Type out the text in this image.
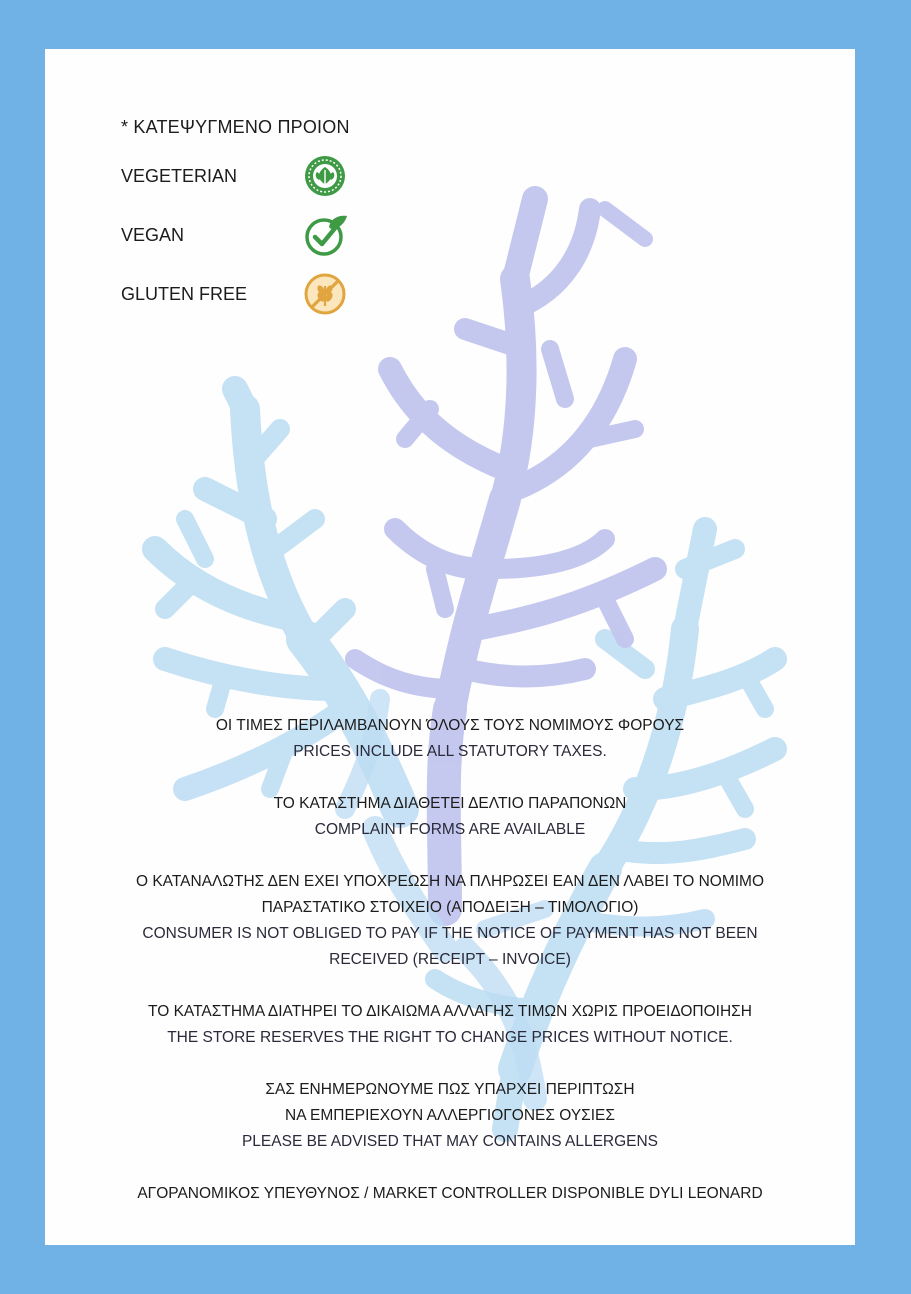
* ΚΑΤΕΨΥΓΜΕΝΟ ΠΡΟΙΟΝ
VEGETERIAN
VEGAN
GLUTEN FREE

ΟΙ ΤΙΜΕΣ ΠΕΡΙΛΑΜΒΑΝΟΥΝ ΌΛΟΥΣ ΤΟΥΣ ΝΟΜΙΜΟΥΣ ΦΟΡΟΥΣ

PRICES INCLUDE ALL STATUTORY TAXES.

ΤΟ ΚΑΤΑΣΤΗΜΑ ΔΙΑΘΕΤΕΙ ΔΕΛΤΙΟ ΠΑΡΑΠΟΝΩΝ

COMPLAINT FORMS ARE AVAILABLE

Ο ΚΑΤΑΝΑΛΩΤΗΣ ΔΕΝ ΕΧΕΙ ΥΠΟΧΡΕΩΣΗ ΝΑ ΠΛΗΡΩΣΕΙ ΕΑΝ ΔΕΝ ΛΑΒΕΙ ΤΟ ΝΟΜΙΜΟ

ΠΑΡΑΣΤΑΤΙΚΟ ΣΤΟΙΧΕΙΟ (ΑΠΟΔΕΙΞΗ – ΤΙΜΟΛΟΓΙΟ)

CONSUMER IS NOT OBLIGED TO PAY IF THE NOTICE OF PAYMENT HAS NOT BEEN

RECEIVED (RECEIPT – INVOICE)

ΤΟ ΚΑΤΑΣΤΗΜΑ ΔΙΑΤΗΡΕΙ ΤΟ ΔΙΚΑΙΩΜΑ ΑΛΛΑΓΗΣ ΤΙΜΩΝ ΧΩΡΙΣ ΠΡΟΕΙΔΟΠΟΙΗΣΗ

THE STORE RESERVES THE RIGHT TO CHANGE PRICES WITHOUT NOTICE.

ΣΑΣ ΕΝΗΜΕΡΩΝΟΥΜΕ ΠΩΣ ΥΠΑΡΧΕΙ ΠΕΡΙΠΤΩΣΗ

ΝΑ ΕΜΠΕΡΙΕΧΟΥΝ ΑΛΛΕΡΓΙΟΓΟΝΕΣ ΟΥΣΙΕΣ

PLEASE BE ADVISED THAT MAY CONTAINS ALLERGENS

ΑΓΟΡΑΝΟΜΙΚΟΣ ΥΠΕΥΘΥΝΟΣ / MARKET CONTROLLER DISPONIBLE DYLI LEONARD
